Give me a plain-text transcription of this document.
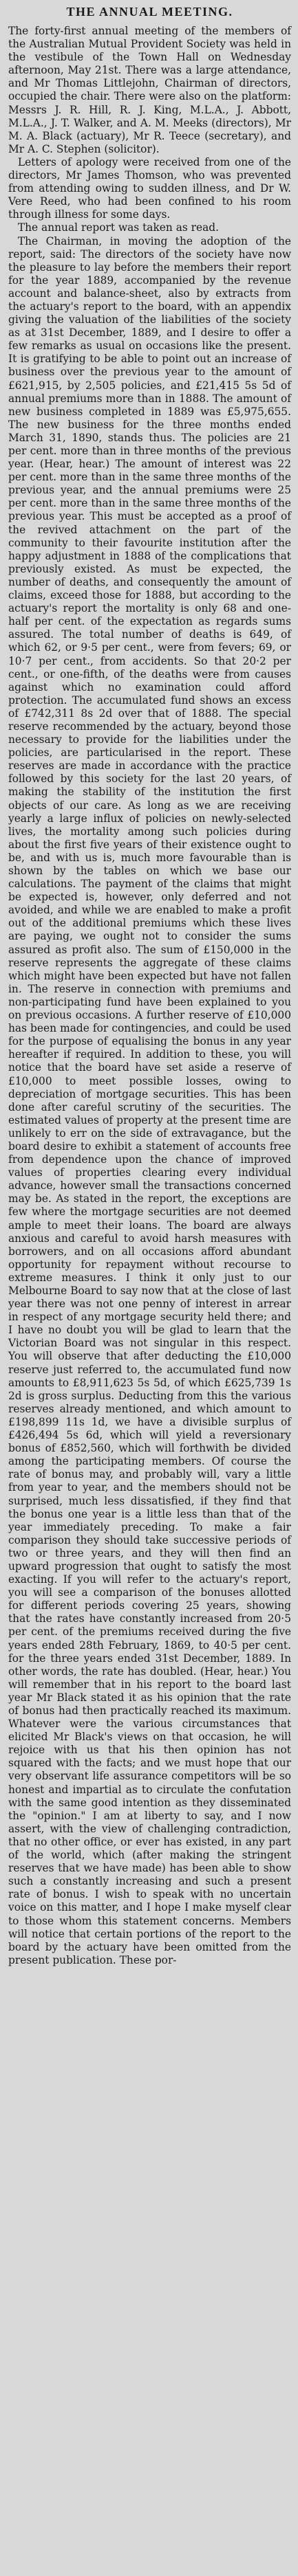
THE ANNUAL MEETING.

The forty-first annual meeting of the members of the Australian Mutual Provident Society was held in the vestibule of the Town Hall on Wednesday afternoon, May 21st. There was a large attendance, and Mr Thomas Littlejohn, Chairman of directors, occupied the chair. There were also on the platform: Messrs J. R. Hill, R. J. King, M.L.A., J. Abbott, M.L.A., J. T. Walker, and A. M. Meeks (directors), Mr M. A. Black (actuary), Mr R. Teece (secretary), and Mr A. C. Stephen (solicitor).

Letters of apology were received from one of the directors, Mr James Thomson, who was prevented from attending owing to sudden illness, and Dr W. Vere Reed, who had been confined to his room through illness for some days.

The annual report was taken as read.

The Chairman, in moving the adoption of the report, said: The directors of the society have now the pleasure to lay before the members their report for the year 1889, accompanied by the revenue account and balance-sheet, also by extracts from the actuary's report to the board, with an appendix giving the valuation of the liabilities of the society as at 31st December, 1889, and I desire to offer a few remarks as usual on occasions like the present. It is gratifying to be able to point out an increase of business over the previous year to the amount of £621,915, by 2,505 policies, and £21,415 5s 5d of annual premiums more than in 1888. The amount of new business completed in 1889 was £5,975,655. The new business for the three months ended March 31, 1890, stands thus. The policies are 21 per cent. more than in three months of the previous year. (Hear, hear.) The amount of interest was 22 per cent. more than in the same three months of the previous year, and the annual premiums were 25 per cent. more than in the same three months of the previous year. This must be accepted as a proof of the revived attachment on the part of the community to their favourite institution after the happy adjustment in 1888 of the complications that previously existed. As must be expected, the number of deaths, and consequently the amount of claims, exceed those for 1888, but according to the actuary's report the mortality is only 68 and one-half per cent. of the expectation as regards sums assured. The total number of deaths is 649, of which 62, or 9·5 per cent., were from fevers; 69, or 10·7 per cent., from accidents. So that 20·2 per cent., or one-fifth, of the deaths were from causes against which no examination could afford protection. The accumulated fund shows an excess of £742,311 8s 2d over that of 1888. The special reserve recommended by the actuary, beyond those necessary to provide for the liabilities under the policies, are particularised in the report. These reserves are made in accordance with the practice followed by this society for the last 20 years, of making the stability of the institution the first objects of our care. As long as we are receiving yearly a large influx of policies on newly-selected lives, the mortality among such policies during about the first five years of their existence ought to be, and with us is, much more favourable than is shown by the tables on which we base our calculations. The payment of the claims that might be expected is, however, only deferred and not avoided, and while we are enabled to make a profit out of the additional premiums which these lives are paying, we ought not to consider the sums assured as profit also. The sum of £150,000 in the reserve represents the aggregate of these claims which might have been expected but have not fallen in. The reserve in connection with premiums and non-participating fund have been explained to you on previous occasions. A further reserve of £10,000 has been made for contingencies, and could be used for the purpose of equalising the bonus in any year hereafter if required. In addition to these, you will notice that the board have set aside a reserve of £10,000 to meet possible losses, owing to depreciation of mortgage securities. This has been done after careful scrutiny of the securities. The estimated values of property at the present time are unlikely to err on the side of extravagance, but the board desire to exhibit a statement of accounts free from dependence upon the chance of improved values of properties clearing every individual advance, however small the transactions concerned may be. As stated in the report, the exceptions are few where the mortgage securities are not deemed ample to meet their loans. The board are always anxious and careful to avoid harsh measures with borrowers, and on all occasions afford abundant opportunity for repayment without recourse to extreme measures. I think it only just to our Melbourne Board to say now that at the close of last year there was not one penny of interest in arrear in respect of any mortgage security held there; and I have no doubt you will be glad to learn that the Victorian Board was not singular in this respect. You will observe that after deducting the £10,000 reserve just referred to, the accumulated fund now amounts to £8,911,623 5s 5d, of which £625,739 1s 2d is gross surplus. Deducting from this the various reserves already mentioned, and which amount to £198,899 11s 1d, we have a divisible surplus of £426,494 5s 6d, which will yield a reversionary bonus of £852,560, which will forthwith be divided among the participating members. Of course the rate of bonus may, and probably will, vary a little from year to year, and the members should not be surprised, much less dissatisfied, if they find that the bonus one year is a little less than that of the year immediately preceding. To make a fair comparison they should take successive periods of two or three years, and they will then find an upward progression that ought to satisfy the most exacting. If you will refer to the actuary's report, you will see a comparison of the bonuses allotted for different periods covering 25 years, showing that the rates have constantly increased from 20·5 per cent. of the premiums received during the five years ended 28th February, 1869, to 40·5 per cent. for the three years ended 31st December, 1889. In other words, the rate has doubled. (Hear, hear.) You will remember that in his report to the board last year Mr Black stated it as his opinion that the rate of bonus had then practically reached its maximum. Whatever were the various circumstances that elicited Mr Black's views on that occasion, he will rejoice with us that his then opinion has not squared with the facts; and we must hope that our very observant life assurance competitors will be so honest and impartial as to circulate the confutation with the same good intention as they disseminated the "opinion." I am at liberty to say, and I now assert, with the view of challenging contradiction, that no other office, or ever has existed, in any part of the world, which (after making the stringent reserves that we have made) has been able to show such a constantly increasing and such a present rate of bonus. I wish to speak with no uncertain voice on this matter, and I hope I make myself clear to those whom this statement concerns. Members will notice that certain portions of the report to the board by the actuary have been omitted from the present publication. These por-
